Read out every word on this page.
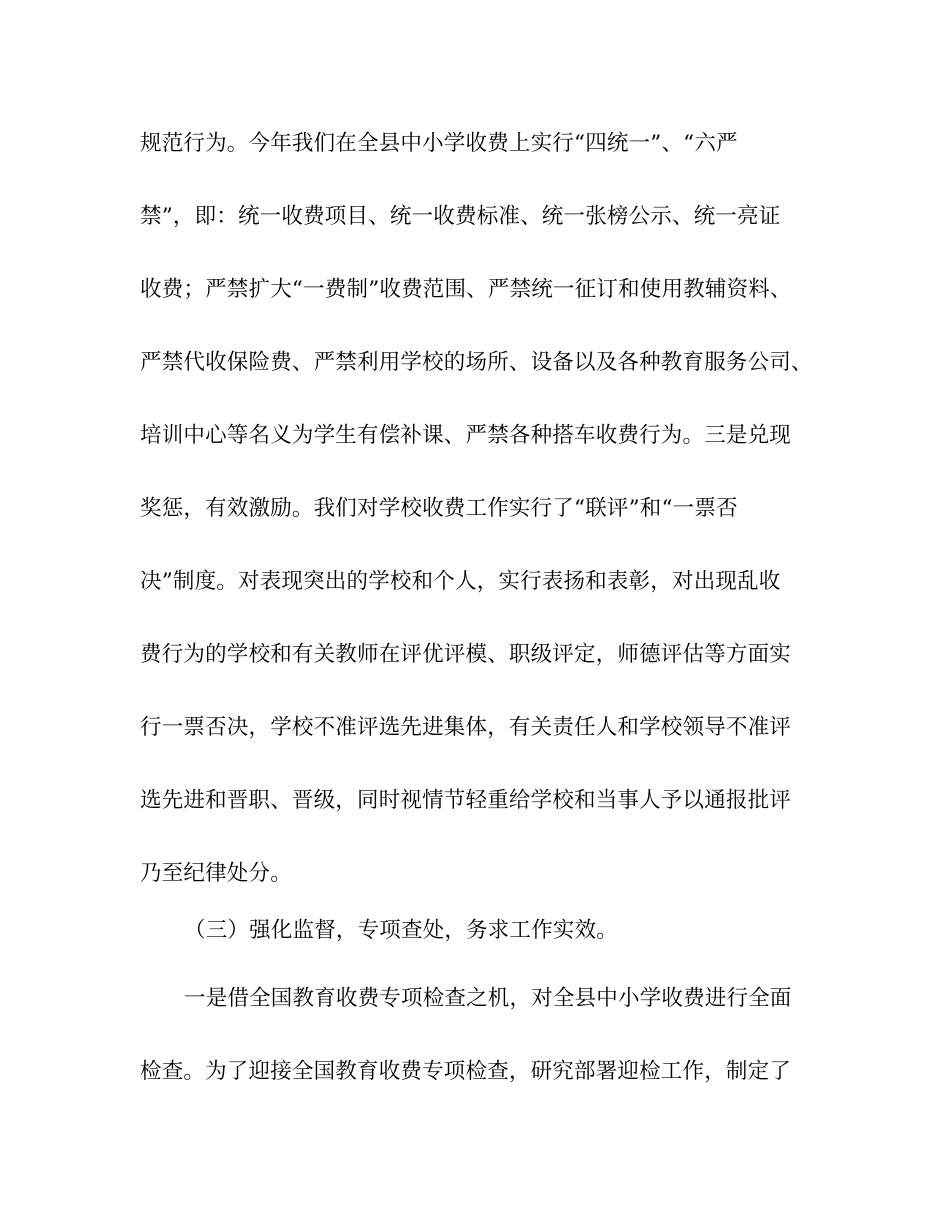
规范行为。今年我们在全县中小学收费上实行“四统一”、“六严
禁”，即：统一收费项目、统一收费标准、统一张榜公示、统一亮证
收费；严禁扩大“一费制”收费范围、严禁统一征订和使用教辅资料、
严禁代收保险费、严禁利用学校的场所、设备以及各种教育服务公司、
培训中心等名义为学生有偿补课、严禁各种搭车收费行为。三是兑现
奖惩，有效激励。我们对学校收费工作实行了“联评”和“一票否
决”制度。对表现突出的学校和个人，实行表扬和表彰，对出现乱收
费行为的学校和有关教师在评优评模、职级评定，师德评估等方面实
行一票否决，学校不准评选先进集体，有关责任人和学校领导不准评
选先进和晋职、晋级，同时视情节轻重给学校和当事人予以通报批评
乃至纪律处分。
（三）强化监督，专项查处，务求工作实效。
一是借全国教育收费专项检查之机，对全县中小学收费进行全面
检查。为了迎接全国教育收费专项检查，研究部署迎检工作，制定了
